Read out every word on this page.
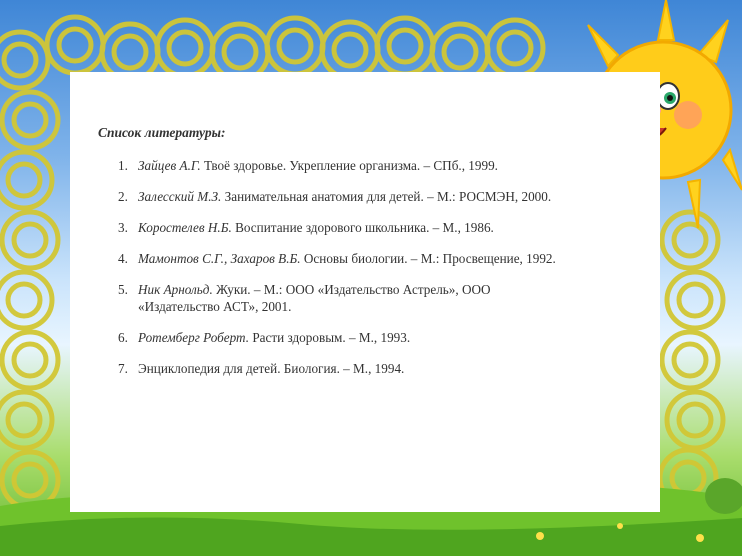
Список литературы:
1. Зайцев А.Г. Твоё здоровье. Укрепление организма. – СПб., 1999.
2. Залесский М.З. Занимательная анатомия для детей. – М.: РОСМЭН, 2000.
3. Коростелев Н.Б. Воспитание здорового школьника. – М., 1986.
4. Мамонтов С.Г., Захаров В.Б. Основы биологии. – М.: Просвещение, 1992.
5. Ник Арнольд. Жуки. – М.: ООО «Издательство Астрель», ООО «Издательство АСТ», 2001.
6. Ротемберг Роберт. Расти здоровым. – М., 1993.
7. Энциклопедия для детей. Биология. – М., 1994.
